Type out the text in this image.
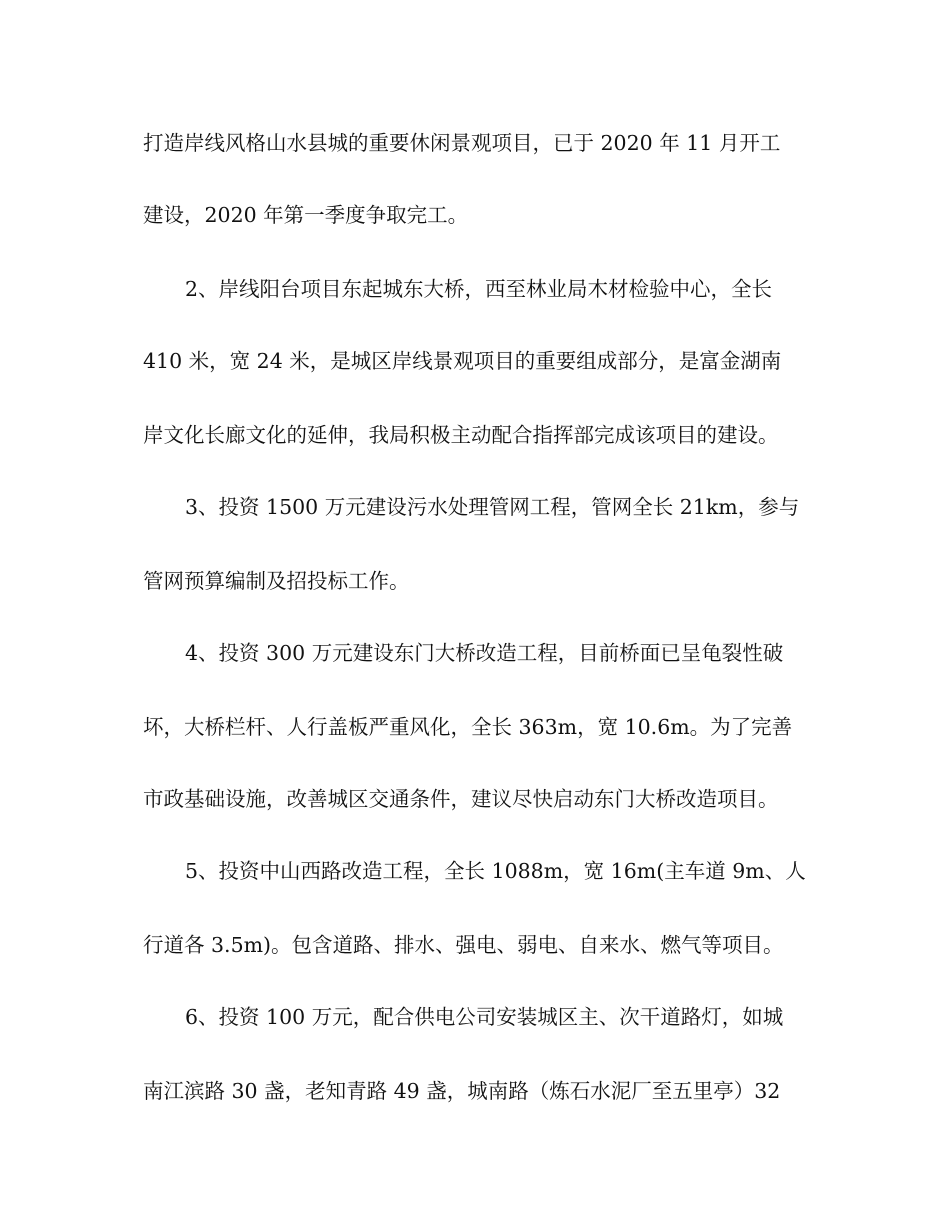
打造岸线风格山水县城的重要休闲景观项目，已于 2020 年 11 月开工
建设，2020 年第一季度争取完工。
2、岸线阳台项目东起城东大桥，西至林业局木材检验中心，全长
410 米，宽 24 米，是城区岸线景观项目的重要组成部分，是富金湖南
岸文化长廊文化的延伸，我局积极主动配合指挥部完成该项目的建设。
3、投资 1500 万元建设污水处理管网工程，管网全长 21km，参与
管网预算编制及招投标工作。
4、投资 300 万元建设东门大桥改造工程，目前桥面已呈龟裂性破
坏，大桥栏杆、人行盖板严重风化，全长 363m，宽 10.6m。为了完善
市政基础设施，改善城区交通条件，建议尽快启动东门大桥改造项目。
5、投资中山西路改造工程，全长 1088m，宽 16m(主车道 9m、人
行道各 3.5m)。包含道路、排水、强电、弱电、自来水、燃气等项目。
6、投资 100 万元，配合供电公司安装城区主、次干道路灯，如城
南江滨路 30 盏，老知青路 49 盏，城南路（炼石水泥厂至五里亭）32
